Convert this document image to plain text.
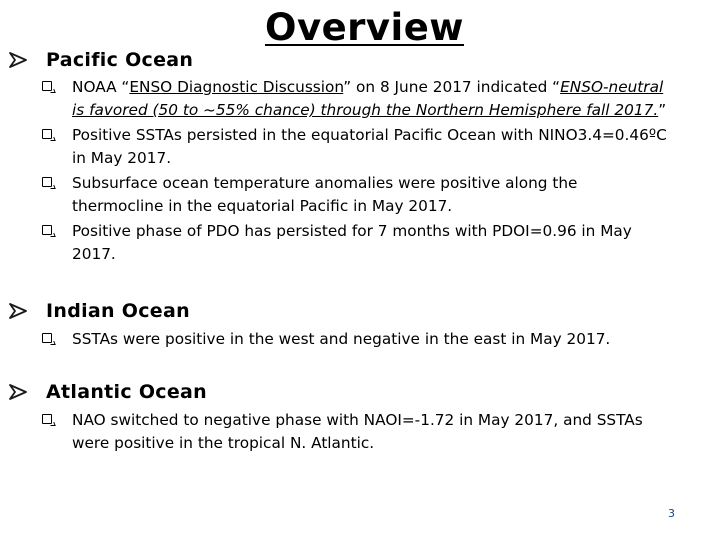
Overview
Pacific Ocean
NOAA “ENSO Diagnostic Discussion” on 8 June 2017 indicated “ENSO-neutral is favored (50 to ~55% chance) through the Northern Hemisphere fall 2017.”
Positive SSTAs persisted in the equatorial Pacific Ocean with NINO3.4=0.46ºC in May 2017.
Subsurface ocean temperature anomalies were positive along the thermocline in the equatorial Pacific in May 2017.
Positive phase of PDO has persisted for 7 months with PDOI=0.96 in May 2017.
Indian Ocean
SSTAs were positive in the west and negative in the east in May 2017.
Atlantic Ocean
NAO switched to negative phase with NAOI=-1.72 in May 2017, and SSTAs were positive in the tropical N. Atlantic.
3
